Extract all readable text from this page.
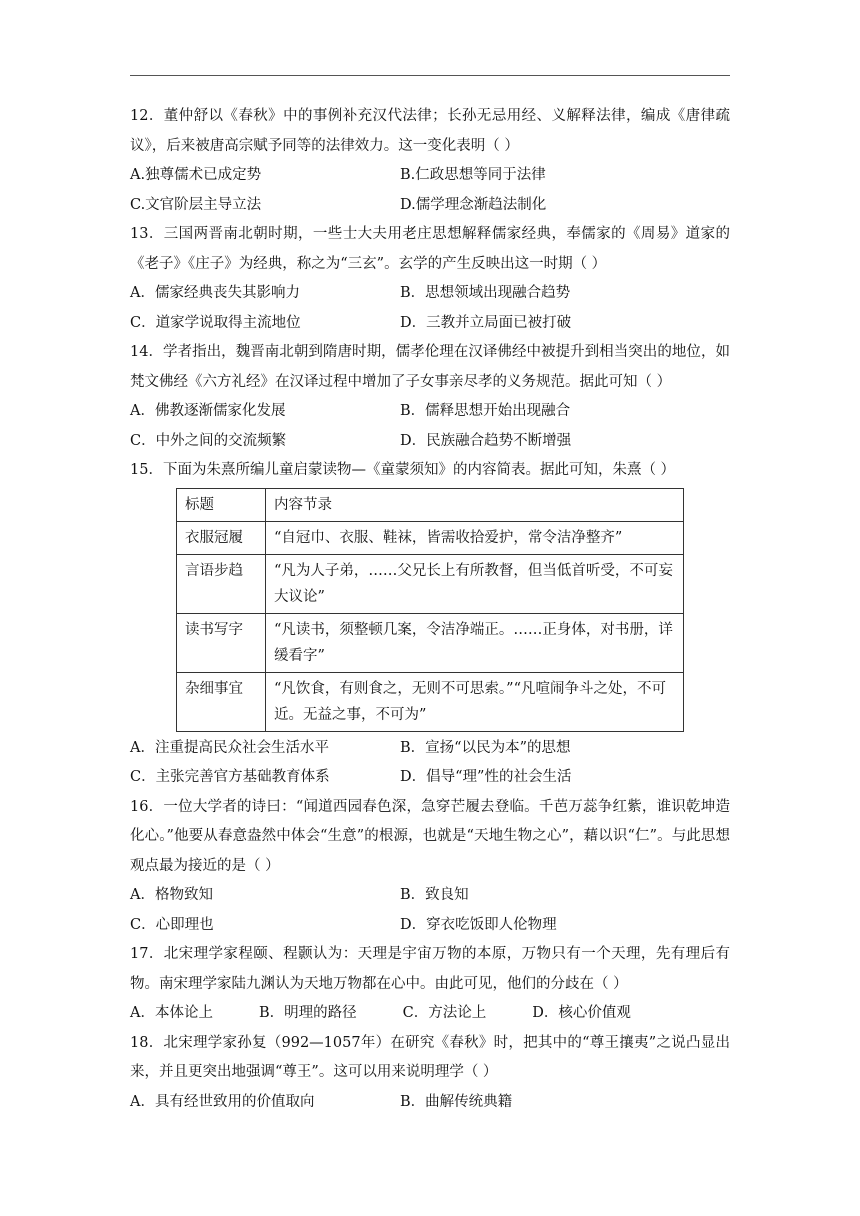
12．董仲舒以《春秋》中的事例补充汉代法律；长孙无忌用经、义解释法律，编成《唐律疏议》，后来被唐高宗赋予同等的法律效力。这一变化表明（ ）

A.独尊儒术已成定势	B.仁政思想等同于法律
C.文官阶层主导立法	D.儒学理念渐趋法制化

13．三国两晋南北朝时期，一些士大夫用老庄思想解释儒家经典，奉儒家的《周易》道家的《老子》《庄子》为经典，称之为“三玄”。玄学的产生反映出这一时期（ ）

A．儒家经典丧失其影响力	B．思想领域出现融合趋势
C．道家学说取得主流地位	D．三教并立局面已被打破

14．学者指出，魏晋南北朝到隋唐时期，儒孝伦理在汉译佛经中被提升到相当突出的地位，如梵文佛经《六方礼经》在汉译过程中增加了子女事亲尽孝的义务规范。据此可知（ ）

A．佛教逐渐儒家化发展	B．儒释思想开始出现融合
C．中外之间的交流频繁	D．民族融合趋势不断增强

15．下面为朱熹所编儿童启蒙读物—《童蒙须知》的内容简表。据此可知，朱熹（ ）

标题	内容节录
衣服冠履	“自冠巾、衣服、鞋袜，皆需收拾爱护，常令洁净整齐”
言语步趋	“凡为人子弟，……父兄长上有所教督，但当低首听受，不可妄大议论”
读书写字	“凡读书，须整顿几案，令洁净端正。……正身体，对书册，详缓看字”
杂细事宜	“凡饮食，有则食之，无则不可思索。”“凡喧闹争斗之处，不可近。无益之事，不可为”
A．注重提高民众社会生活水平	B．宣扬“以民为本”的思想
C．主张完善官方基础教育体系	D．倡导“理”性的社会生活

16．一位大学者的诗曰：“闻道西园春色深，急穿芒履去登临。千芭万蕊争红紫，谁识乾坤造化心。”他要从春意盎然中体会“生意”的根源，也就是“天地生物之心”，藉以识“仁”。与此思想观点最为接近的是（ ）

A．格物致知	B．致良知
C．心即理也	D．穿衣吃饭即人伦物理

17．北宋理学家程颐、程颢认为：天理是宇宙万物的本原，万物只有一个天理，先有理后有物。南宋理学家陆九渊认为天地万物都在心中。由此可见，他们的分歧在（ ）

A．本体论上	B．明理的路径	C．方法论上	D．核心价值观

18．北宋理学家孙复（992—1057年）在研究《春秋》时，把其中的“尊王攘夷”之说凸显出来，并且更突出地强调“尊王”。这可以用来说明理学（ ）

A．具有经世致用的价值取向	B．曲解传统典籍
